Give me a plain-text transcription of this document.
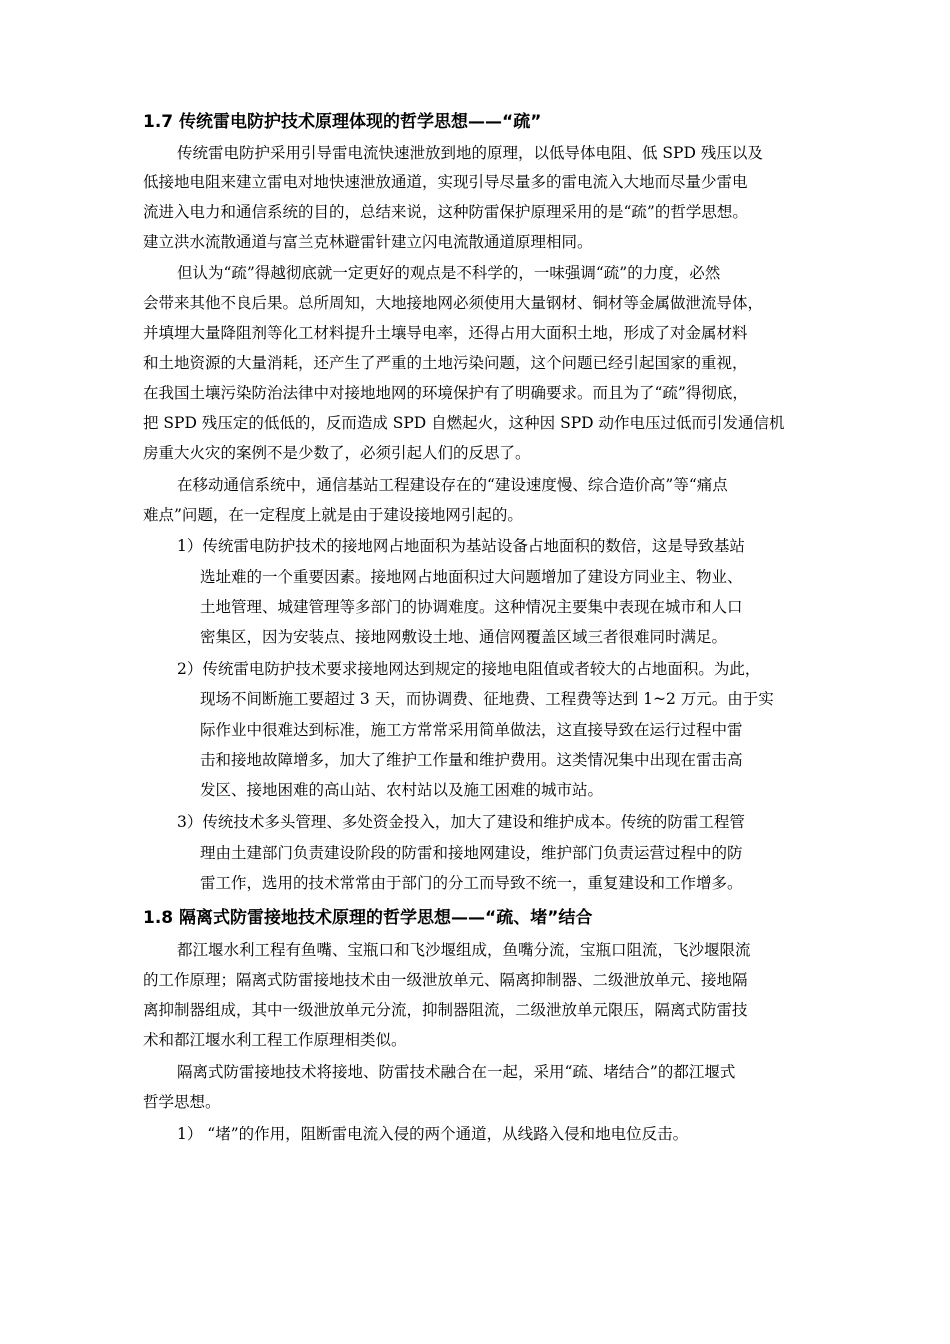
1.7 传统雷电防护技术原理体现的哲学思想——“疏”
传统雷电防护采用引导雷电流快速泄放到地的原理，以低导体电阻、低 SPD 残压以及
低接地电阻来建立雷电对地快速泄放通道，实现引导尽量多的雷电流入大地而尽量少雷电
流进入电力和通信系统的目的，总结来说，这种防雷保护原理采用的是“疏”的哲学思想。
建立洪水流散通道与富兰克林避雷针建立闪电流散通道原理相同。
但认为“疏”得越彻底就一定更好的观点是不科学的，一味强调“疏”的力度，必然
会带来其他不良后果。总所周知，大地接地网必须使用大量钢材、铜材等金属做泄流导体，
并填埋大量降阻剂等化工材料提升土壤导电率，还得占用大面积土地，形成了对金属材料
和土地资源的大量消耗，还产生了严重的土地污染问题，这个问题已经引起国家的重视，
在我国土壤污染防治法律中对接地地网的环境保护有了明确要求。而且为了“疏”得彻底，
把 SPD 残压定的低低的，反而造成 SPD 自燃起火，这种因 SPD 动作电压过低而引发通信机
房重大火灾的案例不是少数了，必须引起人们的反思了。
在移动通信系统中，通信基站工程建设存在的“建设速度慢、综合造价高”等“痛点
难点”问题，在一定程度上就是由于建设接地网引起的。
1）传统雷电防护技术的接地网占地面积为基站设备占地面积的数倍，这是导致基站
选址难的一个重要因素。接地网占地面积过大问题增加了建设方同业主、物业、
土地管理、城建管理等多部门的协调难度。这种情况主要集中表现在城市和人口
密集区，因为安装点、接地网敷设土地、通信网覆盖区域三者很难同时满足。
2）传统雷电防护技术要求接地网达到规定的接地电阻值或者较大的占地面积。为此，
现场不间断施工要超过 3 天，而协调费、征地费、工程费等达到 1~2 万元。由于实
际作业中很难达到标准，施工方常常采用简单做法，这直接导致在运行过程中雷
击和接地故障增多，加大了维护工作量和维护费用。这类情况集中出现在雷击高
发区、接地困难的高山站、农村站以及施工困难的城市站。
3）传统技术多头管理、多处资金投入，加大了建设和维护成本。传统的防雷工程管
理由土建部门负责建设阶段的防雷和接地网建设，维护部门负责运营过程中的防
雷工作，选用的技术常常由于部门的分工而导致不统一，重复建设和工作增多。
1.8 隔离式防雷接地技术原理的哲学思想——“疏、堵”结合
都江堰水利工程有鱼嘴、宝瓶口和飞沙堰组成，鱼嘴分流，宝瓶口阻流，飞沙堰限流
的工作原理；隔离式防雷接地技术由一级泄放单元、隔离抑制器、二级泄放单元、接地隔
离抑制器组成，其中一级泄放单元分流，抑制器阻流，二级泄放单元限压，隔离式防雷技
术和都江堰水利工程工作原理相类似。
隔离式防雷接地技术将接地、防雷技术融合在一起，采用“疏、堵结合”的都江堰式
哲学思想。
1） “堵”的作用，阻断雷电流入侵的两个通道，从线路入侵和地电位反击。
